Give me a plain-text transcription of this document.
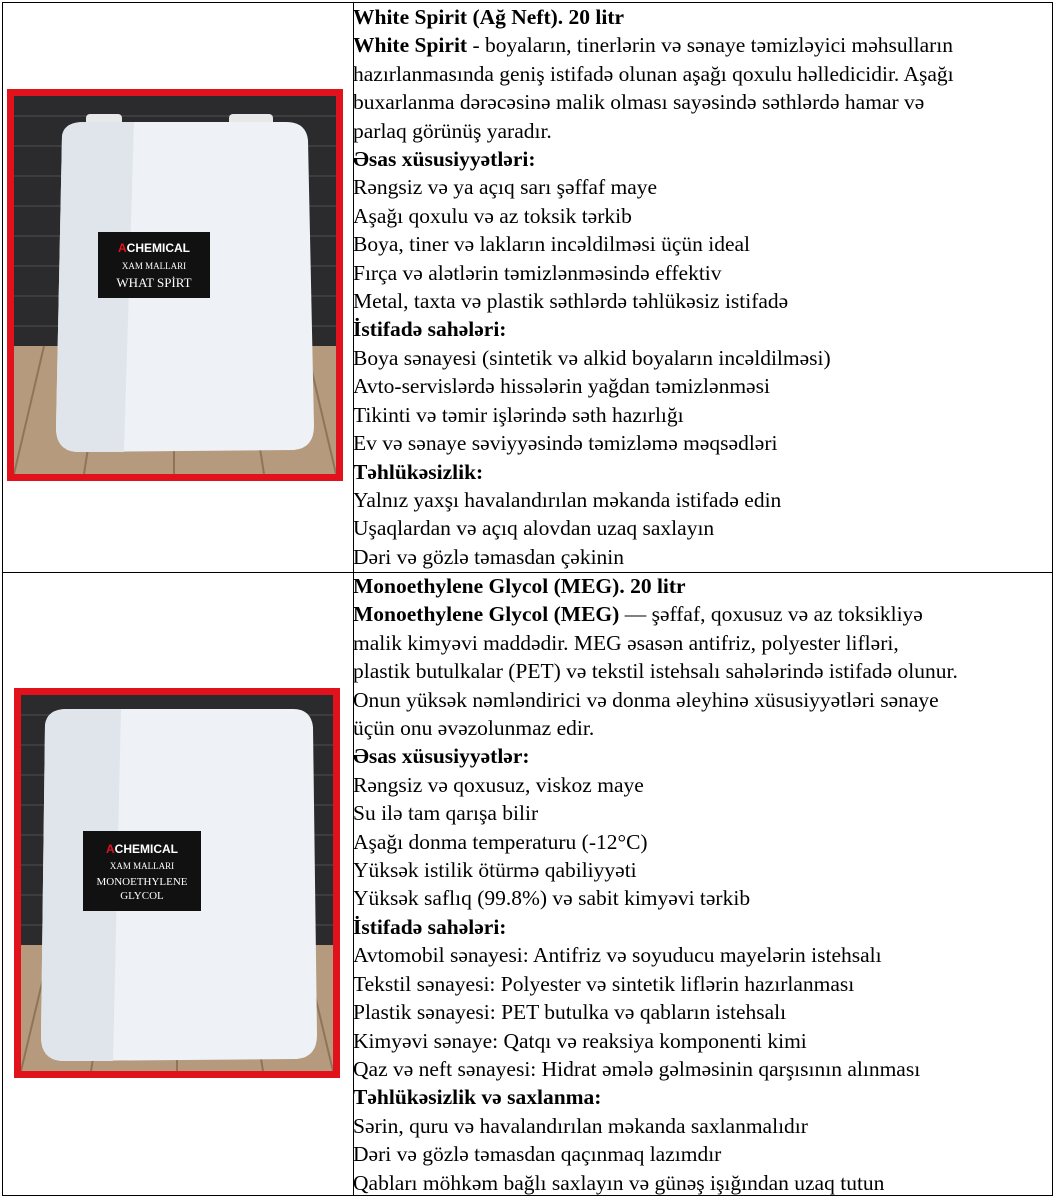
ACHEMICAL
XAM MALLARI
WHAT SPİRT
ACHEMICAL
XAM MALLARI
MONOETHYLENE
GLYCOL
White Spirit (Ağ Neft). 20 litr
White Spirit - boyaların, tinerlərin və sənaye təmizləyici məhsulların
hazırlanmasında geniş istifadə olunan aşağı qoxulu həlledicidir. Aşağı
buxarlanma dərəcəsinə malik olması sayəsində səthlərdə hamar və
parlaq görünüş yaradır.
Əsas xüsusiyyətləri:
Rəngsiz və ya açıq sarı şəffaf maye
Aşağı qoxulu və az toksik tərkib
Boya, tiner və lakların incəldilməsi üçün ideal
Fırça və alətlərin təmizlənməsində effektiv
Metal, taxta və plastik səthlərdə təhlükəsiz istifadə
İstifadə sahələri:
Boya sənayesi (sintetik və alkid boyaların incəldilməsi)
Avto-servislərdə hissələrin yağdan təmizlənməsi
Tikinti və təmir işlərində səth hazırlığı
Ev və sənaye səviyyəsində təmizləmə məqsədləri
Təhlükəsizlik:
Yalnız yaxşı havalandırılan məkanda istifadə edin
Uşaqlardan və açıq alovdan uzaq saxlayın
Dəri və gözlə təmasdan çəkinin
Monoethylene Glycol (MEG). 20 litr
Monoethylene Glycol (MEG) — şəffaf, qoxusuz və az toksikliyə
malik kimyəvi maddədir. MEG əsasən antifriz, polyester lifləri,
plastik butulkalar (PET) və tekstil istehsalı sahələrində istifadə olunur.
Onun yüksək nəmləndirici və donma əleyhinə xüsusiyyətləri sənaye
üçün onu əvəzolunmaz edir.
Əsas xüsusiyyətlər:
Rəngsiz və qoxusuz, viskoz maye
Su ilə tam qarışa bilir
Aşağı donma temperaturu (-12°C)
Yüksək istilik ötürmə qabiliyyəti
Yüksək saflıq (99.8%) və sabit kimyəvi tərkib
İstifadə sahələri:
Avtomobil sənayesi: Antifriz və soyuducu mayelərin istehsalı
Tekstil sənayesi: Polyester və sintetik liflərin hazırlanması
Plastik sənayesi: PET butulka və qabların istehsalı
Kimyəvi sənaye: Qatqı və reaksiya komponenti kimi
Qaz və neft sənayesi: Hidrat əmələ gəlməsinin qarşısının alınması
Təhlükəsizlik və saxlanma:
Sərin, quru və havalandırılan məkanda saxlanmalıdır
Dəri və gözlə təmasdan qaçınmaq lazımdır
Qabları möhkəm bağlı saxlayın və günəş işığından uzaq tutun
